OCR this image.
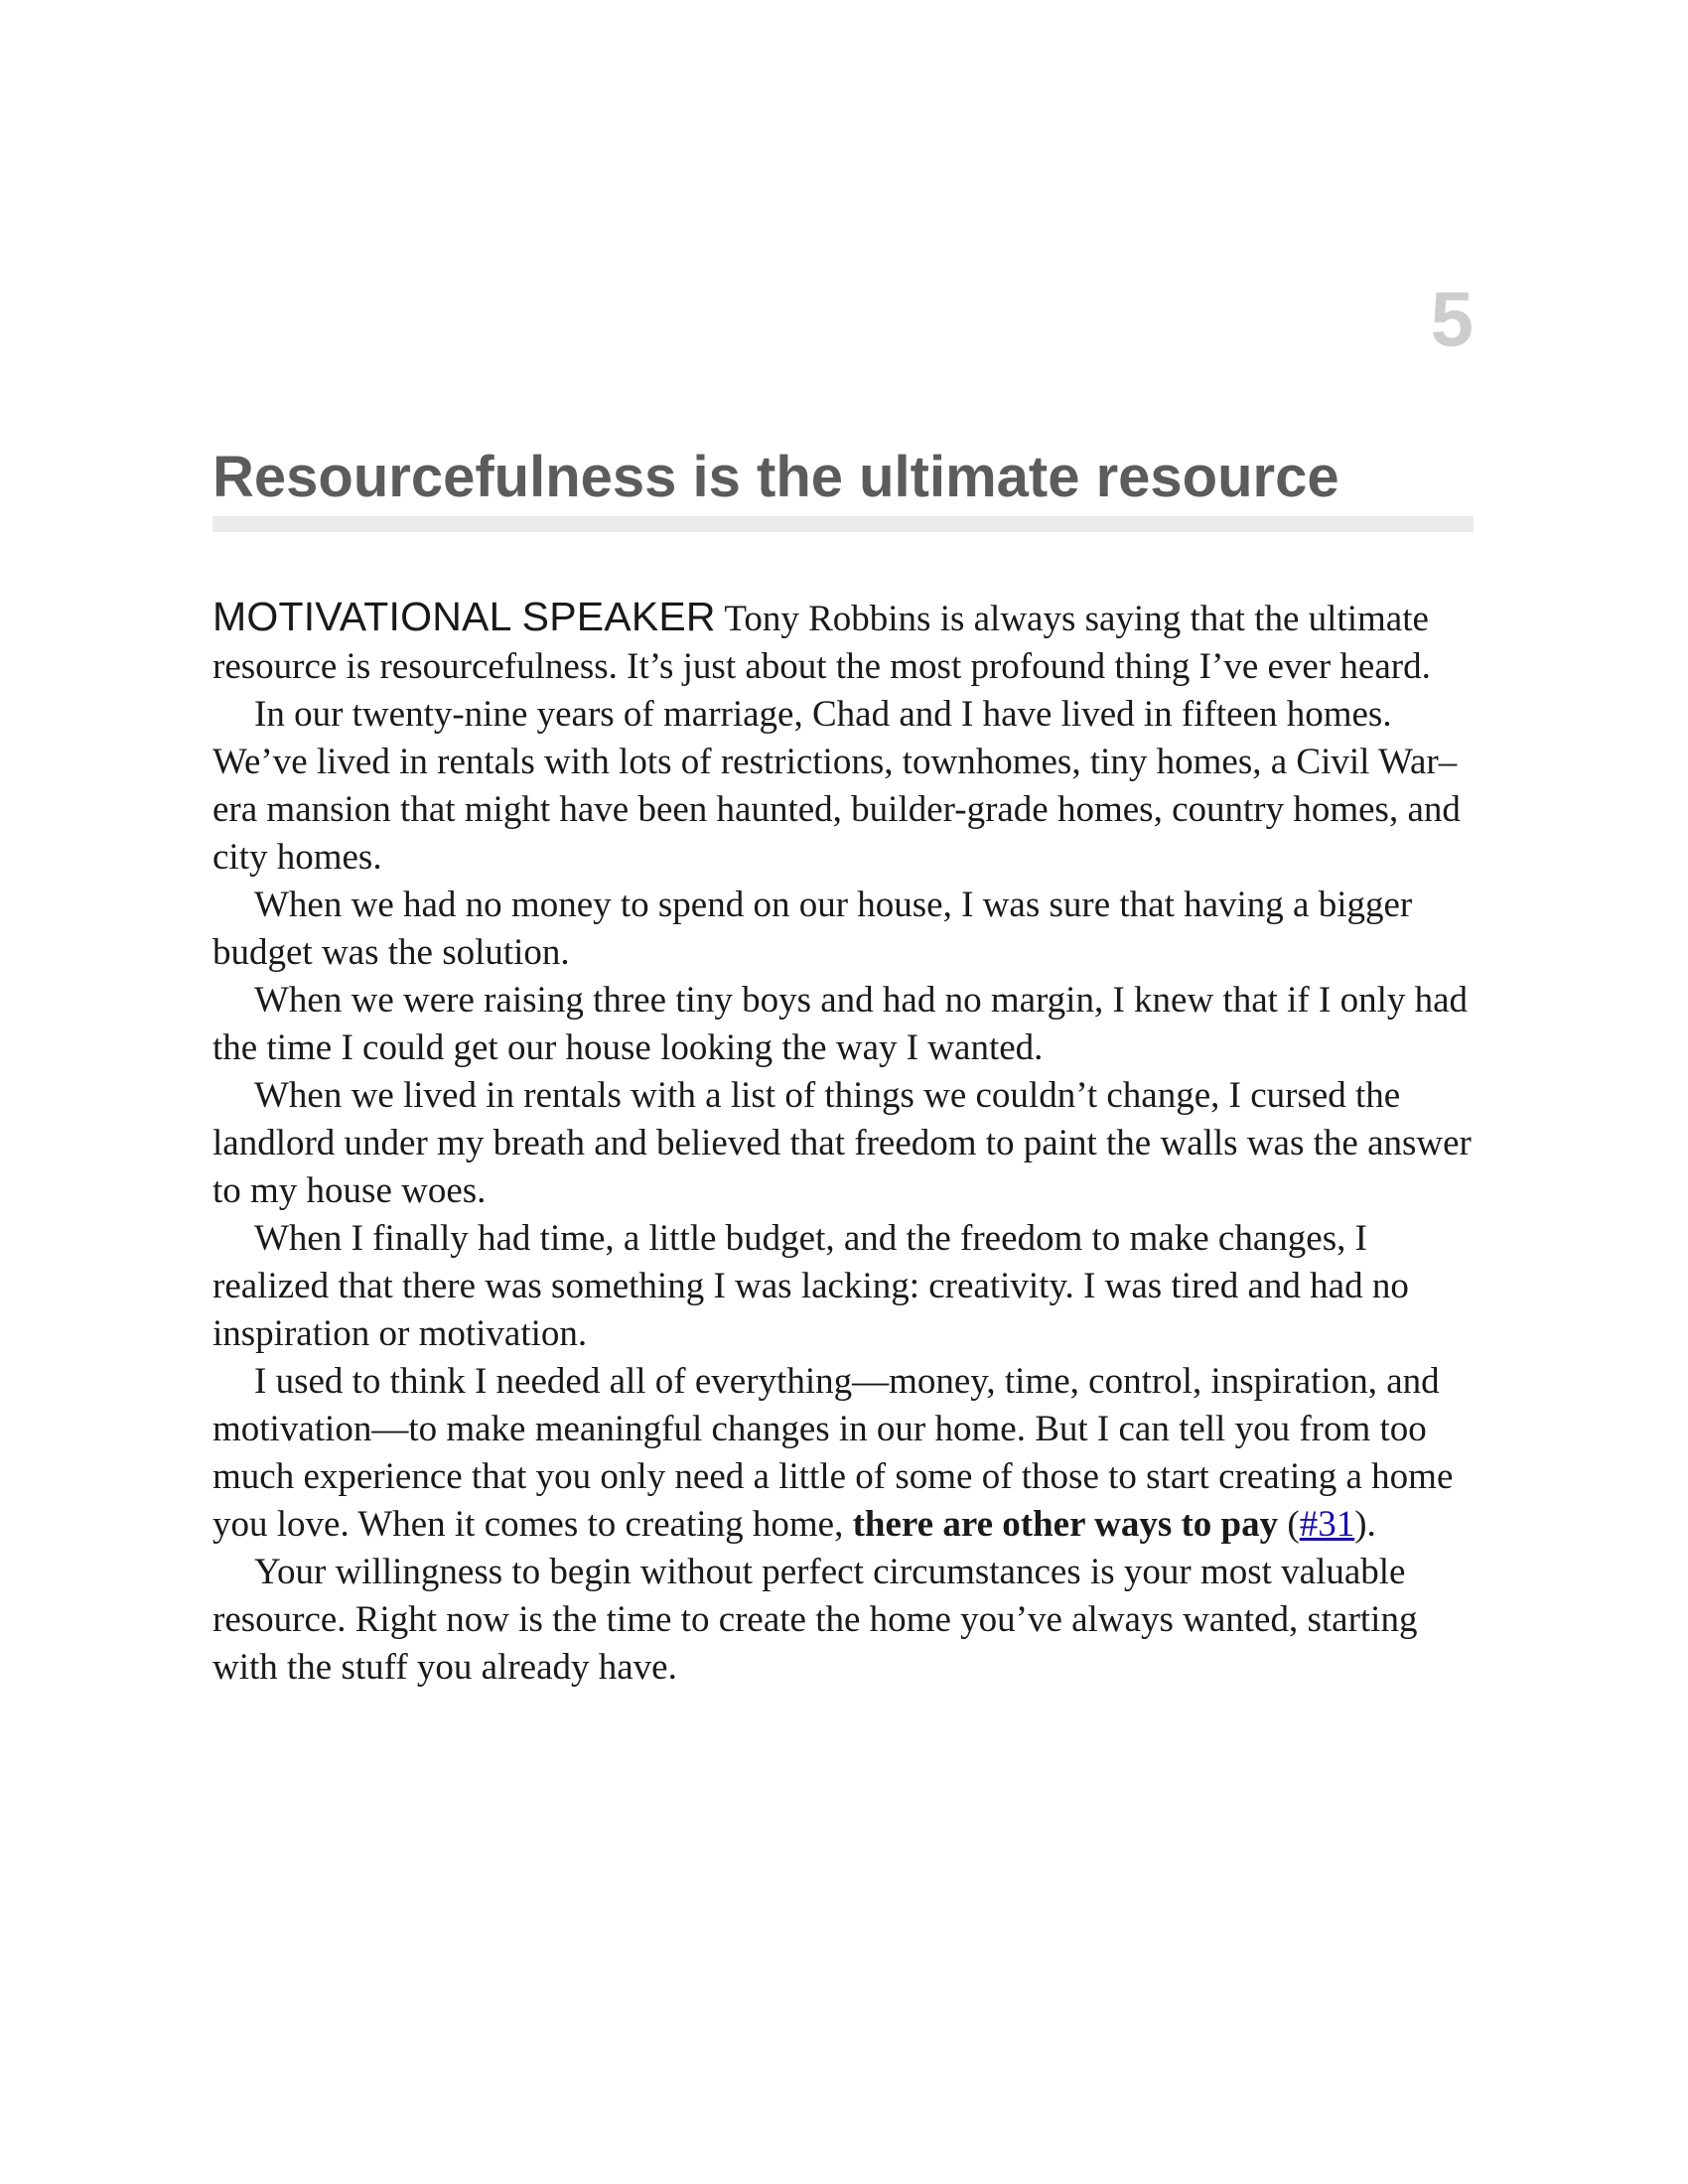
5
Resourcefulness is the ultimate resource

MOTIVATIONAL SPEAKER Tony Robbins is always saying that the ultimate resource is resourcefulness. It’s just about the most profound thing I’ve ever heard.

In our twenty-nine years of marriage, Chad and I have lived in fifteen homes. We’ve lived in rentals with lots of restrictions, townhomes, tiny homes, a Civil War–era mansion that might have been haunted, builder-grade homes, country homes, and city homes.

When we had no money to spend on our house, I was sure that having a bigger budget was the solution.

When we were raising three tiny boys and had no margin, I knew that if I only had the time I could get our house looking the way I wanted.

When we lived in rentals with a list of things we couldn’t change, I cursed the landlord under my breath and believed that freedom to paint the walls was the answer to my house woes.

When I finally had time, a little budget, and the freedom to make changes, I realized that there was something I was lacking: creativity. I was tired and had no inspiration or motivation.

I used to think I needed all of everything—money, time, control, inspiration, and motivation—to make meaningful changes in our home. But I can tell you from too much experience that you only need a little of some of those to start creating a home you love. When it comes to creating home, there are other ways to pay (#31).

Your willingness to begin without perfect circumstances is your most valuable resource. Right now is the time to create the home you’ve always wanted, starting with the stuff you already have.
